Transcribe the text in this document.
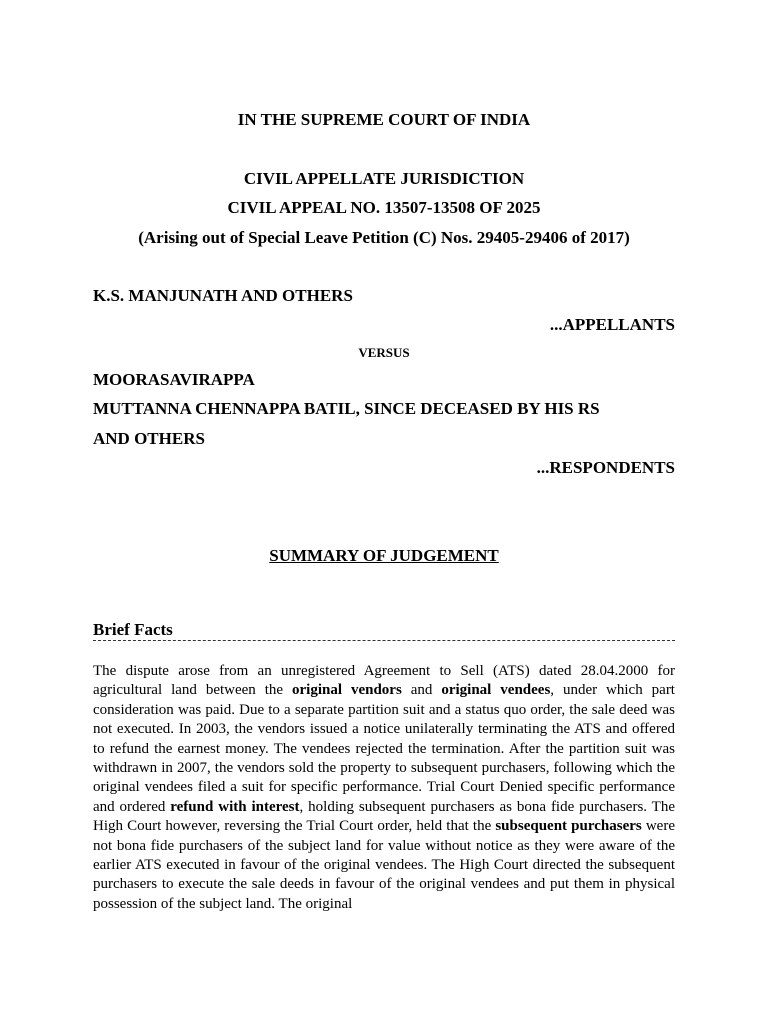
IN THE SUPREME COURT OF INDIA
CIVIL APPELLATE JURISDICTION
CIVIL APPEAL NO. 13507-13508 OF 2025
(Arising out of Special Leave Petition (C) Nos. 29405-29406 of 2017)
K.S. MANJUNATH AND OTHERS
...APPELLANTS
VERSUS
MOORASAVIRAPPA
MUTTANNA CHENNAPPA BATIL, SINCE DECEASED BY HIS RS
AND OTHERS
...RESPONDENTS
SUMMARY OF JUDGEMENT
Brief Facts
The dispute arose from an unregistered Agreement to Sell (ATS) dated 28.04.2000 for agricultural land between the original vendors and original vendees, under which part consideration was paid. Due to a separate partition suit and a status quo order, the sale deed was not executed. In 2003, the vendors issued a notice unilaterally terminating the ATS and offered to refund the earnest money. The vendees rejected the termination. After the partition suit was withdrawn in 2007, the vendors sold the property to subsequent purchasers, following which the original vendees filed a suit for specific performance. Trial Court Denied specific performance and ordered refund with interest, holding subsequent purchasers as bona fide purchasers. The High Court however, reversing the Trial Court order, held that the subsequent purchasers were not bona fide purchasers of the subject land for value without notice as they were aware of the earlier ATS executed in favour of the original vendees. The High Court directed the subsequent purchasers to execute the sale deeds in favour of the original vendees and put them in physical possession of the subject land. The original
